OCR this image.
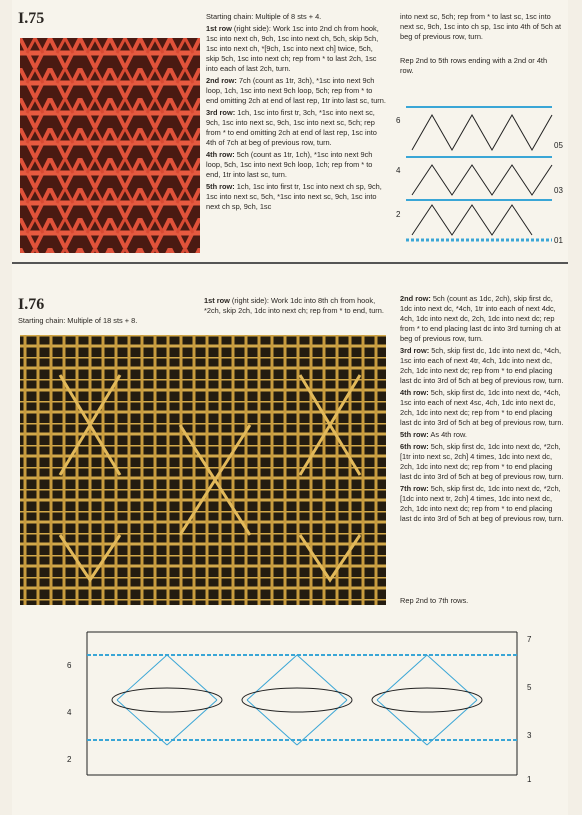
I.75	Starting chain: Multiple of 8 sts + 4.
1st row (right side): Work 1sc into 2nd ch from hook, 1sc into next ch, 9ch, 1sc into next ch, 5ch, skip 5ch, 1sc into next ch, *[9ch, 1sc into next ch] twice, 5ch, skip 5ch, 1sc into next ch; rep from * to last 2ch, 1sc into each of last 2ch, turn.
2nd row: 7ch (count as 1tr, 3ch), *1sc into next 9ch loop, 1ch, 1sc into next 9ch loop, 5ch; rep from * to end omitting 2ch at end of last rep, 1tr into last sc, turn.
3rd row: 1ch, 1sc into first tr, 3ch, *1sc into next sc, 9ch, 1sc into next sc, 9ch, 1sc into next sc, 5ch; rep from * to end omitting 2ch at end of last rep, 1sc into 4th of 7ch at beg of previous row, turn.
4th row: 5ch (count as 1tr, 1ch), *1sc into next 9ch loop, 5ch, 1sc into next 9ch loop, 1ch; rep from * to end, 1tr into last sc, turn.
5th row: 1ch, 1sc into first tr, 1sc into next ch sp, 9ch, 1sc into next sc, 5ch, *1sc into next sc, 9ch, 1sc into next ch sp, 9ch, 1sc
into next sc, 5ch; rep from * to last sc, 1sc into next sc, 9ch, 1sc into ch sp, 1sc into 4th of 5ch at beg of previous row, turn.
Rep 2nd to 5th rows ending with a 2nd or 4th row.
6
4
2
05
03
01
I.76
Starting chain: Multiple of 18 sts + 8.
1st row (right side): Work 1dc into 8th ch from hook, *2ch, skip 2ch, 1dc into next ch; rep from * to end, turn.
2nd row: 5ch (count as 1dc, 2ch), skip first dc, 1dc into next dc, *4ch, 1tr into each of next 4dc, 4ch, 1dc into next dc, 2ch, 1dc into next dc; rep from * to end placing last dc into 3rd turning ch at beg of previous row, turn.
3rd row: 5ch, skip first dc, 1dc into next dc, *4ch, 1sc into each of next 4tr, 4ch, 1dc into next dc, 2ch, 1dc into next dc; rep from * to end placing last dc into 3rd of 5ch at beg of previous row, turn.
4th row: 5ch, skip first dc, 1dc into next dc, *4ch, 1sc into each of next 4sc, 4ch, 1dc into next dc, 2ch, 1dc into next dc; rep from * to end placing last dc into 3rd of 5ch at beg of previous row, turn.
5th row: As 4th row.
6th row: 5ch, skip first dc, 1dc into next dc, *2ch, [1tr into next sc, 2ch] 4 times, 1dc into next dc, 2ch, 1dc into next dc; rep from * to end placing last dc into 3rd of 5ch at beg of previous row, turn.
7th row: 5ch, skip first dc, 1dc into next dc, *2ch, [1dc into next tr, 2ch] 4 times, 1dc into next dc, 2ch, 1dc into next dc; rep from * to end placing last dc into 3rd of 5ch at beg of previous row, turn.
Rep 2nd to 7th rows.
6
4
2
7
5
3
1
